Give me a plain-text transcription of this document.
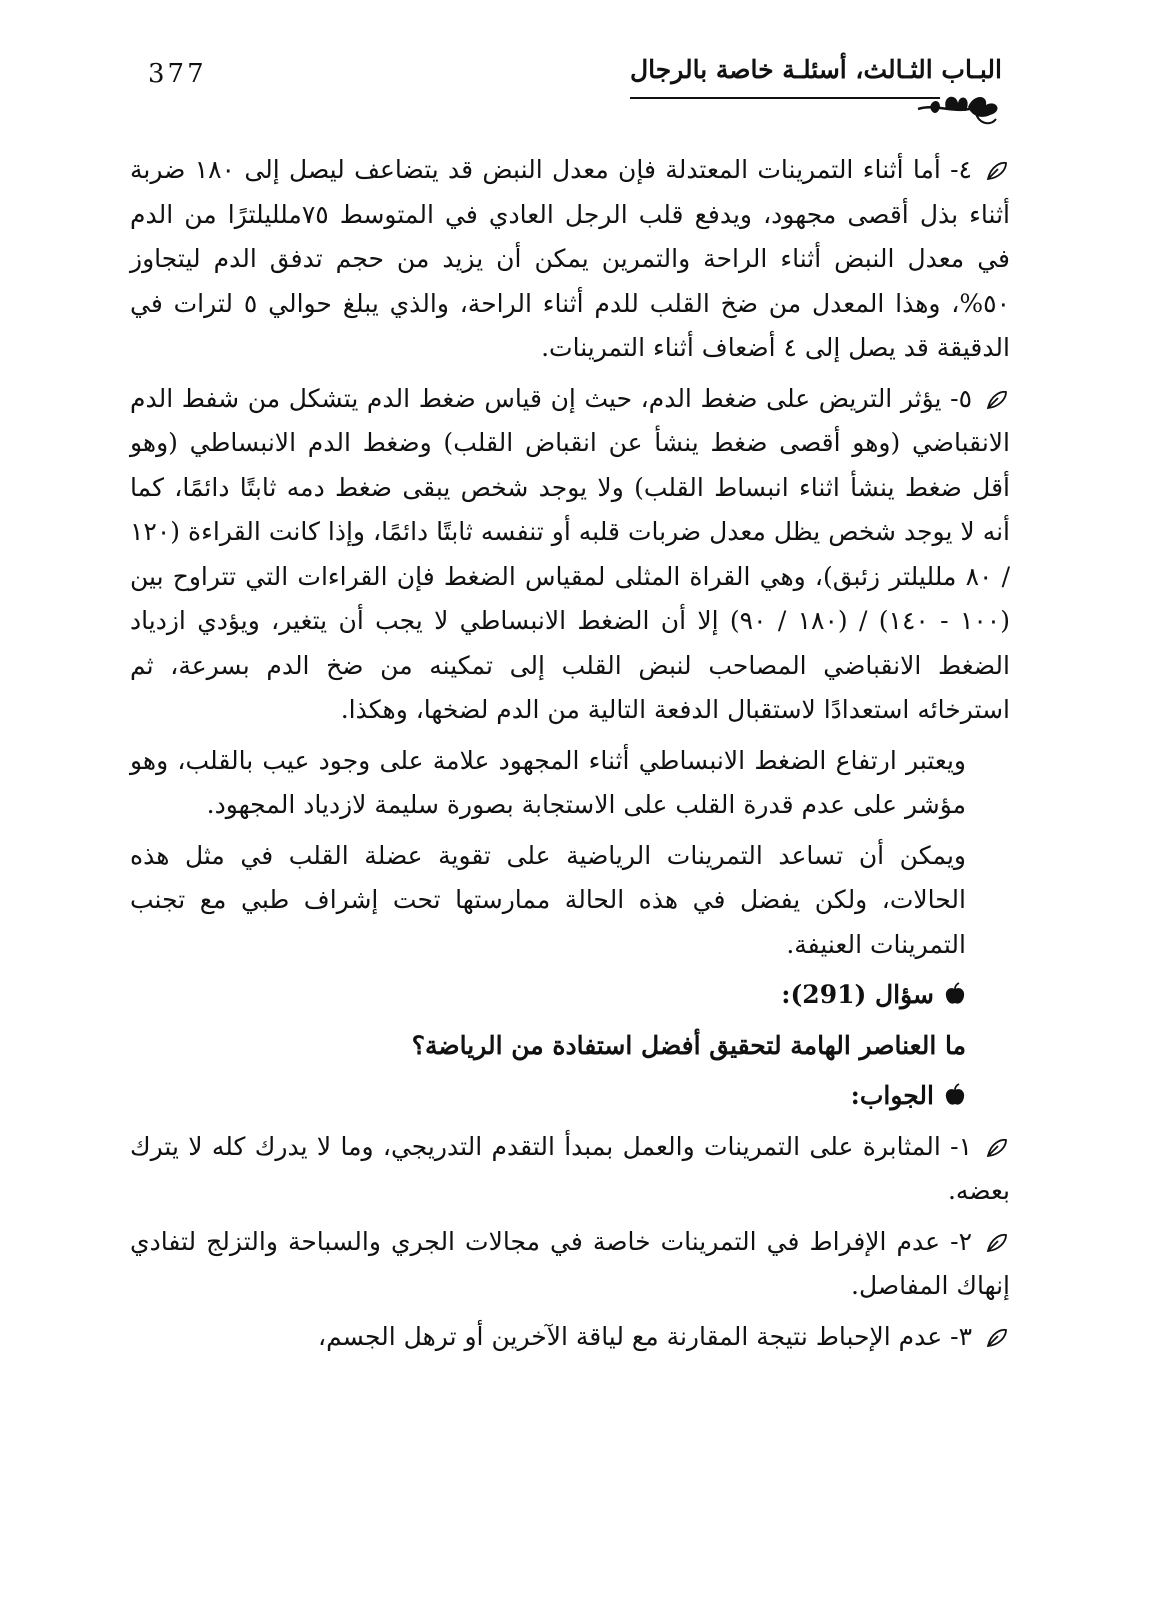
377	البـاب الثـالث، أسئلـة خاصة بالرجال

٤- أما أثناء التمرينات المعتدلة فإن معدل النبض قد يتضاعف ليصل إلى ١٨٠ ضربة أثناء بذل أقصى مجهود، ويدفع قلب الرجل العادي في المتوسط ٧٥ملليلترًا من الدم في معدل النبض أثناء الراحة والتمرين يمكن أن يزيد من حجم تدفق الدم ليتجاوز ٥٠%، وهذا المعدل من ضخ القلب للدم أثناء الراحة، والذي يبلغ حوالي ٥ لترات في الدقيقة قد يصل إلى ٤ أضعاف أثناء التمرينات.

٥- يؤثر التريض على ضغط الدم، حيث إن قياس ضغط الدم يتشكل من شفط الدم الانقباضي (وهو أقصى ضغط ينشأ عن انقباض القلب) وضغط الدم الانبساطي (وهو أقل ضغط ينشأ اثناء انبساط القلب) ولا يوجد شخص يبقى ضغط دمه ثابتًا دائمًا، كما أنه لا يوجد شخص يظل معدل ضربات قلبه أو تنفسه ثابتًا دائمًا، وإذا كانت القراءة (١٢٠ / ٨٠ ملليلتر زئبق)، وهي القراة المثلى لمقياس الضغط فإن القراءات التي تتراوح بين (١٠٠ - ١٤٠) / (١٨٠ / ٩٠) إلا أن الضغط الانبساطي لا يجب أن يتغير، ويؤدي ازدياد الضغط الانقباضي المصاحب لنبض القلب إلى تمكينه من ضخ الدم بسرعة، ثم استرخائه استعدادًا لاستقبال الدفعة التالية من الدم لضخها، وهكذا.

ويعتبر ارتفاع الضغط الانبساطي أثناء المجهود علامة على وجود عيب بالقلب، وهو مؤشر على عدم قدرة القلب على الاستجابة بصورة سليمة لازدياد المجهود.

ويمكن أن تساعد التمرينات الرياضية على تقوية عضلة القلب في مثل هذه الحالات، ولكن يفضل في هذه الحالة ممارستها تحت إشراف طبي مع تجنب التمرينات العنيفة.

سؤال (291):

ما العناصر الهامة لتحقيق أفضل استفادة من الرياضة؟

الجواب:

١- المثابرة على التمرينات والعمل بمبدأ التقدم التدريجي، وما لا يدرك كله لا يترك بعضه.

٢- عدم الإفراط في التمرينات خاصة في مجالات الجري والسباحة والتزلج لتفادي إنهاك المفاصل.

٣- عدم الإحباط نتيجة المقارنة مع لياقة الآخرين أو ترهل الجسم،
